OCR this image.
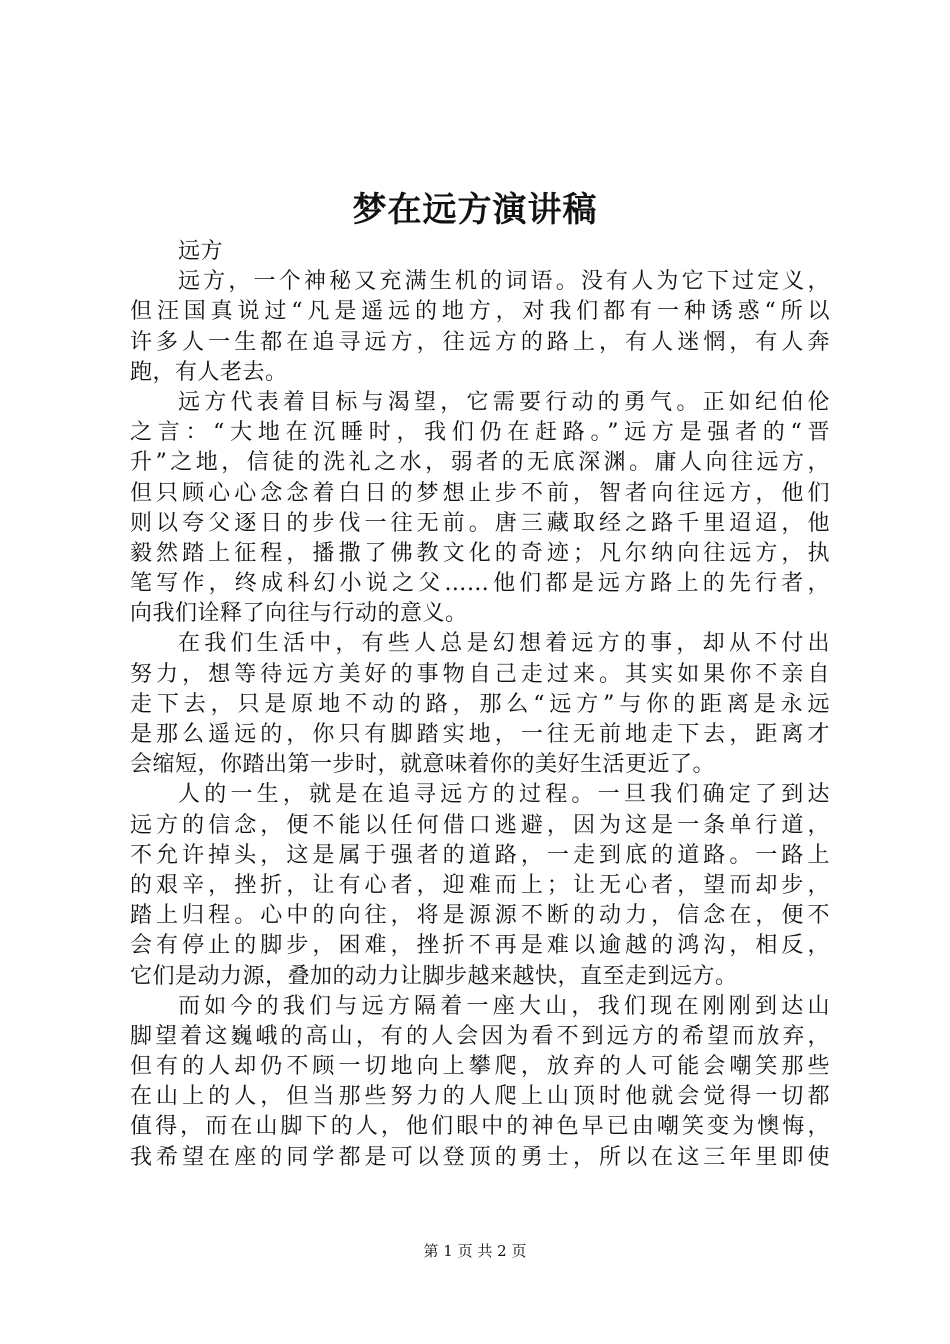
梦在远方演讲稿
远方
远方，一个神秘又充满生机的词语。没有人为它下过定义，
但汪国真说过“凡是遥远的地方，对我们都有一种诱惑“所以
许多人一生都在追寻远方，往远方的路上，有人迷惘，有人奔
跑，有人老去。
远方代表着目标与渴望，它需要行动的勇气。正如纪伯伦
之言：“大地在沉睡时，我们仍在赶路。”远方是强者的“晋
升”之地，信徒的洗礼之水，弱者的无底深渊。庸人向往远方，
但只顾心心念念着白日的梦想止步不前，智者向往远方，他们
则以夸父逐日的步伐一往无前。唐三藏取经之路千里迢迢，他
毅然踏上征程，播撒了佛教文化的奇迹；凡尔纳向往远方，执
笔写作，终成科幻小说之父……他们都是远方路上的先行者，
向我们诠释了向往与行动的意义。
在我们生活中，有些人总是幻想着远方的事，却从不付出
努力，想等待远方美好的事物自己走过来。其实如果你不亲自
走下去，只是原地不动的路，那么“远方”与你的距离是永远
是那么遥远的，你只有脚踏实地，一往无前地走下去，距离才
会缩短，你踏出第一步时，就意味着你的美好生活更近了。
人的一生，就是在追寻远方的过程。一旦我们确定了到达
远方的信念，便不能以任何借口逃避，因为这是一条单行道，
不允许掉头，这是属于强者的道路，一走到底的道路。一路上
的艰辛，挫折，让有心者，迎难而上；让无心者，望而却步，
踏上归程。心中的向往，将是源源不断的动力，信念在，便不
会有停止的脚步，困难，挫折不再是难以逾越的鸿沟，相反，
它们是动力源，叠加的动力让脚步越来越快，直至走到远方。
而如今的我们与远方隔着一座大山，我们现在刚刚到达山
脚望着这巍峨的高山，有的人会因为看不到远方的希望而放弃，
但有的人却仍不顾一切地向上攀爬，放弃的人可能会嘲笑那些
在山上的人，但当那些努力的人爬上山顶时他就会觉得一切都
值得，而在山脚下的人，他们眼中的神色早已由嘲笑变为懊悔，
我希望在座的同学都是可以登顶的勇士，所以在这三年里即使
第 1 页 共 2 页
